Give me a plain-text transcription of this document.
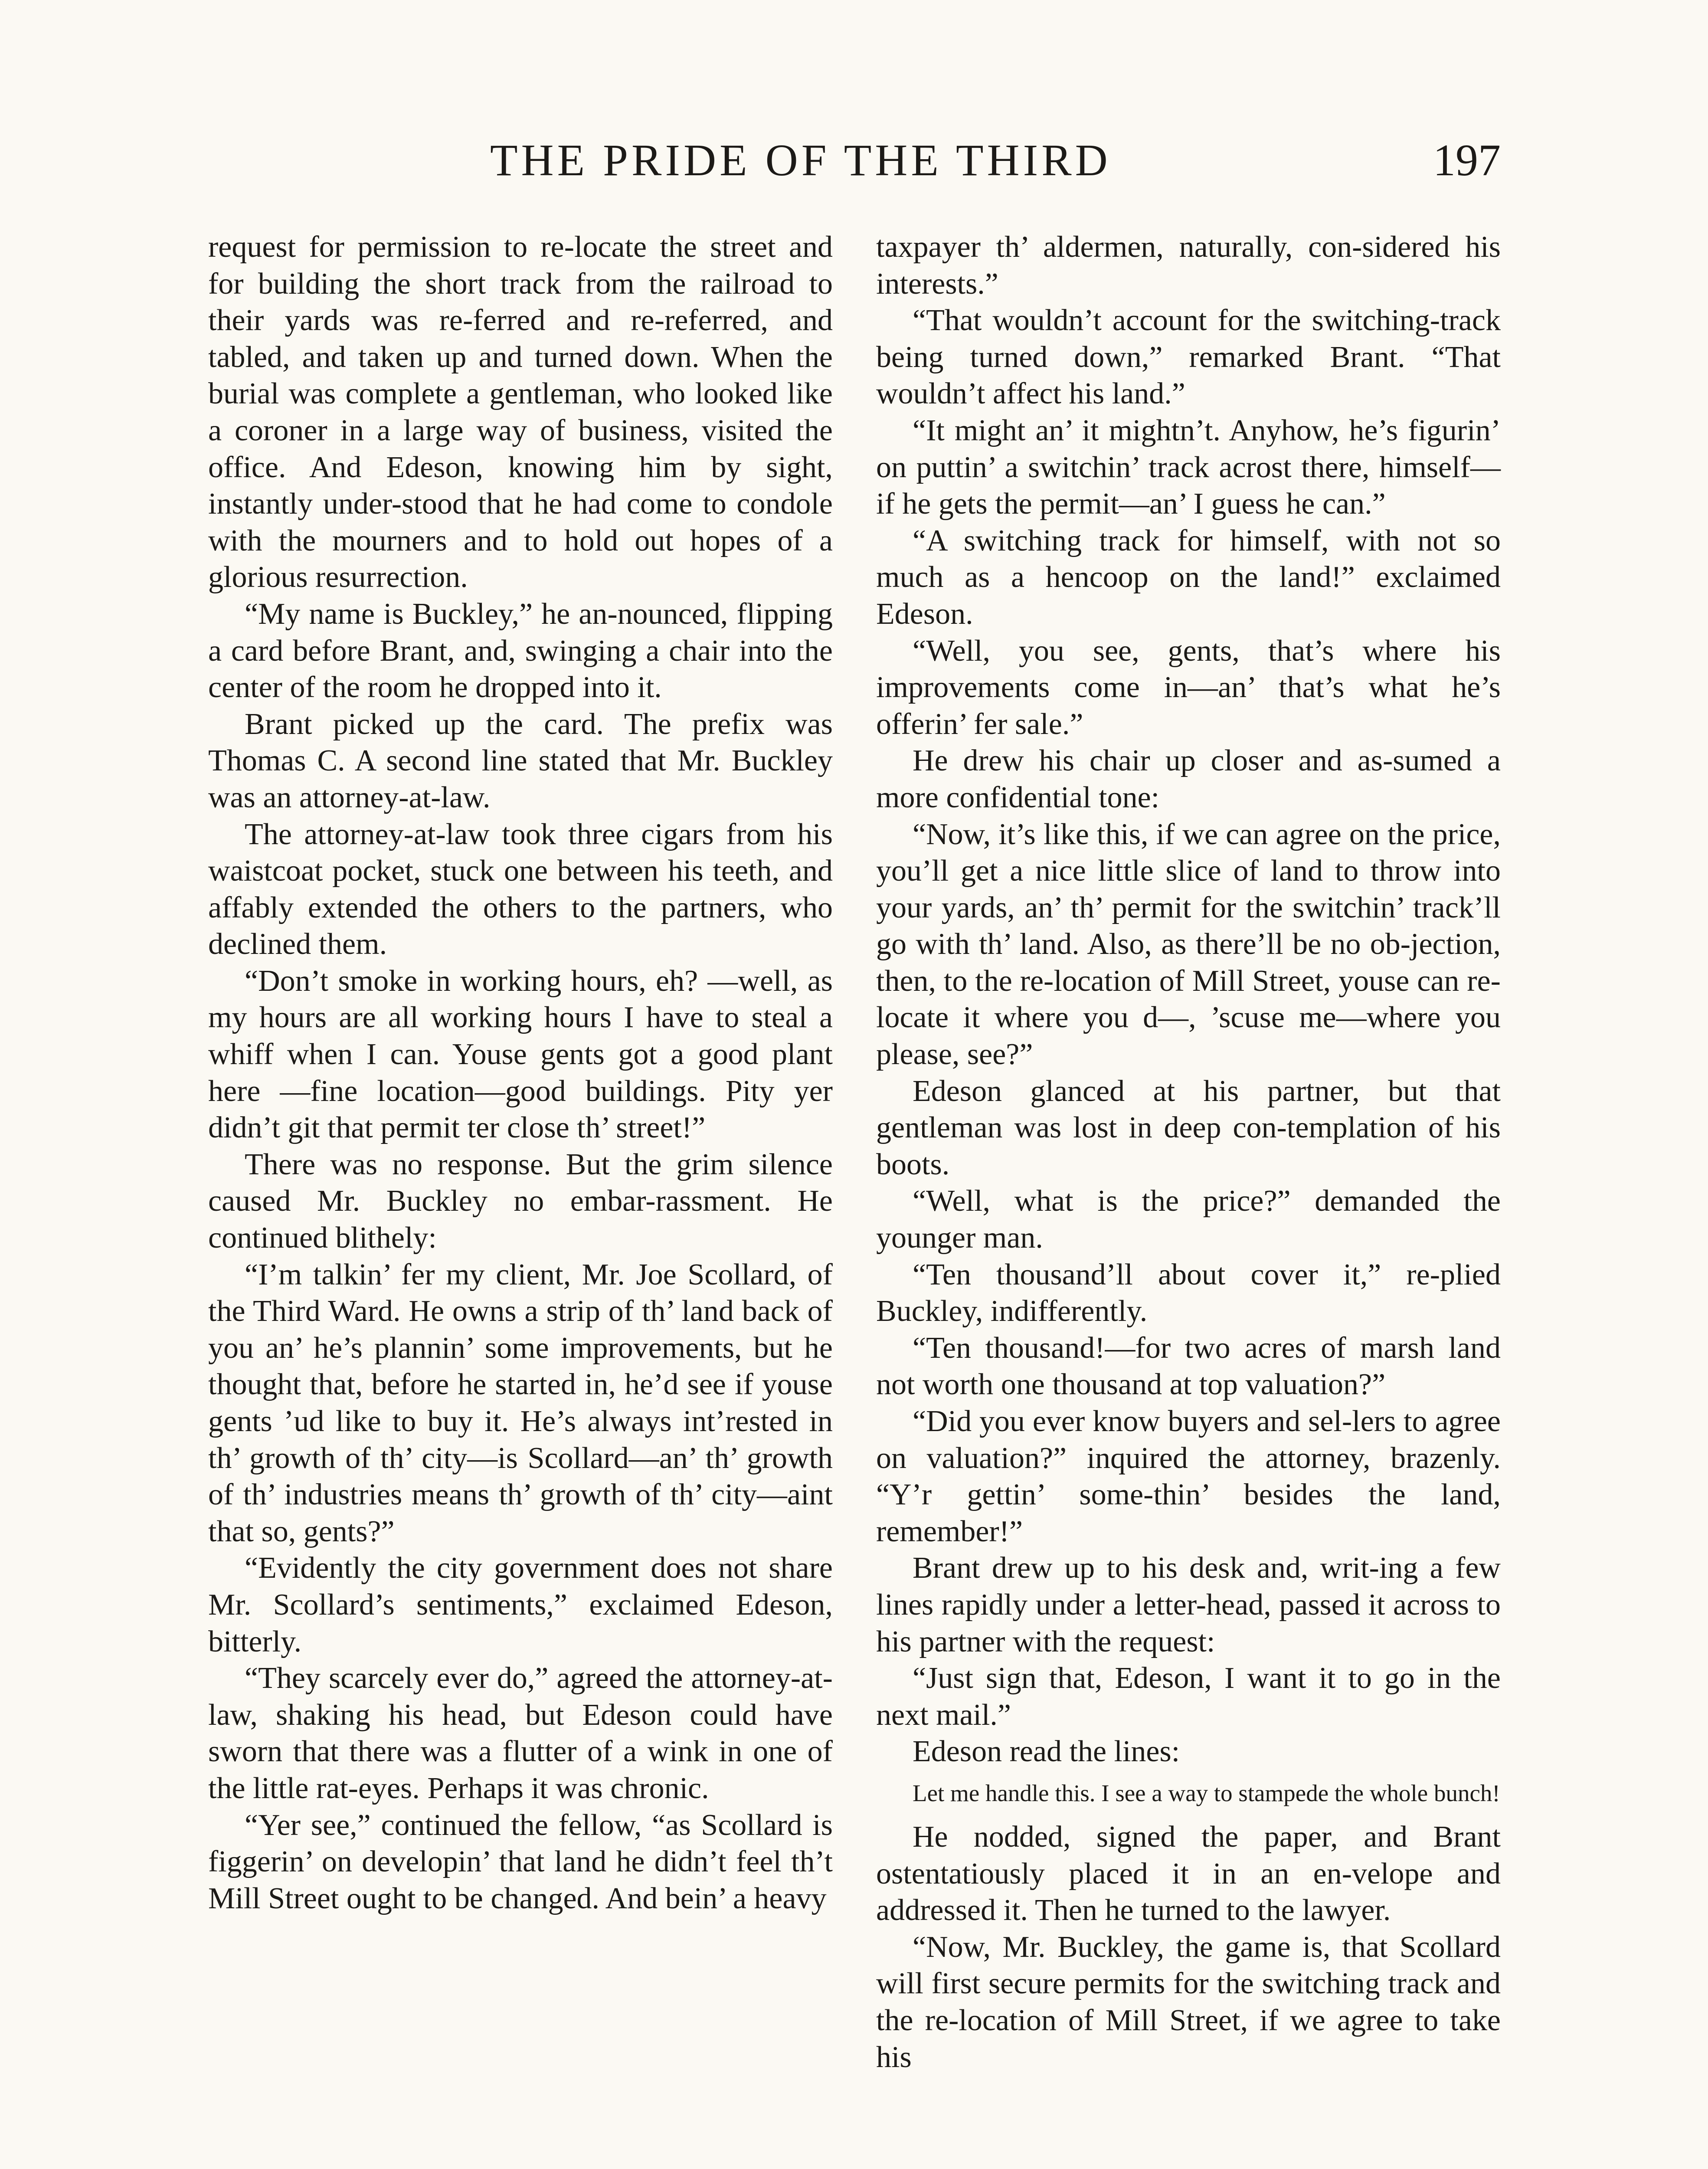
THE PRIDE OF THE THIRD	197

request for permission to re-locate the street and for building the short track from the railroad to their yards was re-ferred and re-referred, and tabled, and taken up and turned down. When the burial was complete a gentleman, who looked like a coroner in a large way of business, visited the office. And Edeson, knowing him by sight, instantly under-stood that he had come to condole with the mourners and to hold out hopes of a glorious resurrection.

“My name is Buckley,” he an-nounced, flipping a card before Brant, and, swinging a chair into the center of the room he dropped into it.

Brant picked up the card. The prefix was Thomas C. A second line stated that Mr. Buckley was an attorney-at-law.

The attorney-at-law took three cigars from his waistcoat pocket, stuck one between his teeth, and affably extended the others to the partners, who declined them.

“Don’t smoke in working hours, eh? —well, as my hours are all working hours I have to steal a whiff when I can. Youse gents got a good plant here —fine location—good buildings. Pity yer didn’t git that permit ter close th’ street!”

There was no response. But the grim silence caused Mr. Buckley no embar-rassment. He continued blithely:

“I’m talkin’ fer my client, Mr. Joe Scollard, of the Third Ward. He owns a strip of th’ land back of you an’ he’s plannin’ some improvements, but he thought that, before he started in, he’d see if youse gents ’ud like to buy it. He’s always int’rested in th’ growth of th’ city—is Scollard—an’ th’ growth of th’ industries means th’ growth of th’ city—aint that so, gents?”

“Evidently the city government does not share Mr. Scollard’s sentiments,” exclaimed Edeson, bitterly.

“They scarcely ever do,” agreed the attorney-at-law, shaking his head, but Edeson could have sworn that there was a flutter of a wink in one of the little rat-eyes. Perhaps it was chronic.

“Yer see,” continued the fellow, “as Scollard is figgerin’ on developin’ that land he didn’t feel th’t Mill Street ought to be changed. And bein’ a heavy

taxpayer th’ aldermen, naturally, con-sidered his interests.”

“That wouldn’t account for the switching-track being turned down,” remarked Brant. “That wouldn’t affect his land.”

“It might an’ it mightn’t. Anyhow, he’s figurin’ on puttin’ a switchin’ track acrost there, himself—if he gets the permit—an’ I guess he can.”

“A switching track for himself, with not so much as a hencoop on the land!” exclaimed Edeson.

“Well, you see, gents, that’s where his improvements come in—an’ that’s what he’s offerin’ fer sale.”

He drew his chair up closer and as-sumed a more confidential tone:

“Now, it’s like this, if we can agree on the price, you’ll get a nice little slice of land to throw into your yards, an’ th’ permit for the switchin’ track’ll go with th’ land. Also, as there’ll be no ob-jection, then, to the re-location of Mill Street, youse can re-locate it where you d—, ’scuse me—where you please, see?”

Edeson glanced at his partner, but that gentleman was lost in deep con-templation of his boots.

“Well, what is the price?” demanded the younger man.

“Ten thousand’ll about cover it,” re-plied Buckley, indifferently.

“Ten thousand!—for two acres of marsh land not worth one thousand at top valuation?”

“Did you ever know buyers and sel-lers to agree on valuation?” inquired the attorney, brazenly. “Y’r gettin’ some-thin’ besides the land, remember!”

Brant drew up to his desk and, writ-ing a few lines rapidly under a letter-head, passed it across to his partner with the request:

“Just sign that, Edeson, I want it to go in the next mail.”

Edeson read the lines:

Let me handle this. I see a way to stampede the whole bunch!

He nodded, signed the paper, and Brant ostentatiously placed it in an en-velope and addressed it. Then he turned to the lawyer.

“Now, Mr. Buckley, the game is, that Scollard will first secure permits for the switching track and the re-location of Mill Street, if we agree to take his
